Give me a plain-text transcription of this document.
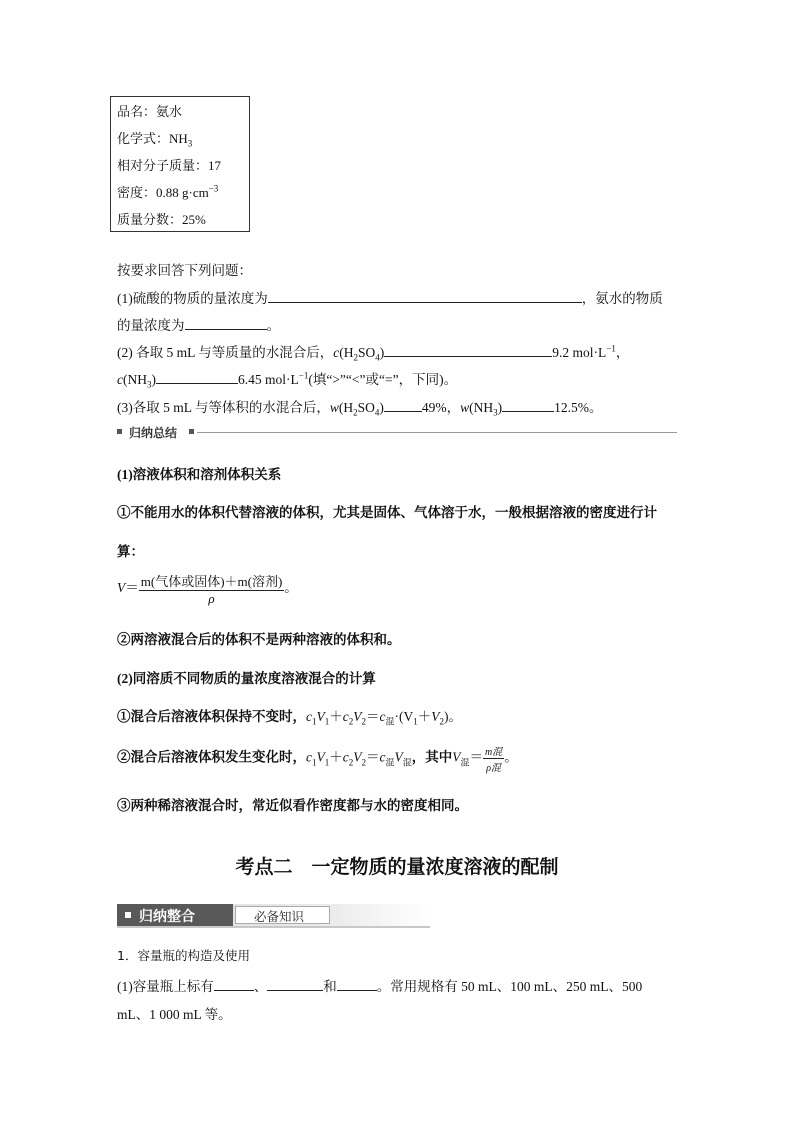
品名：氨水
化学式：$NH_3$
相对分子质量：17
密度：0.88 $g\cdot cm^{-3}$
质量分数：25%
按要求回答下列问题：
(1)硫酸的物质的量浓度为	，氨水的物质
的量浓度为	。
(2) 各取 5 mL 与等质量的水混合后，$c(H_2SO_4)$	9.2 $mol\cdot L^{-1}$，
$c(NH_3)$	6.45 $mol\cdot L^{-1}$(填“>”“<”或“=”，下同)。
(3)各取 5 mL 与等体积的水混合后，$w(H_2SO_4)$	49%，$w(NH_3)$	12.5%。
归纳总结
(1)溶液体积和溶剂体积关系
①不能用水的体积代替溶液的体积，尤其是固体、气体溶于水，一般根据溶液的密度进行计
算：
$V= \frac{\text{m(气体或固体)＋m(溶剂)}}{\rho}$ 。
②两溶液混合后的体积不是两种溶液的体积和。
(2)同溶质不同物质的量浓度溶液混合的计算
①混合后溶液体积保持不变时，$c_1V_1+c_2V_2=c_混\cdot(V_1+V_2)$。
②混合后溶液体积发生变化时，$c_1V_1+c_2V_2=c_混V_混$，其中$V_混= \frac{\text{m混}}{\text{ρ混}}$ 。
③两种稀溶液混合时，常近似看作密度都与水的密度相同。
考点二　一定物质的量浓度溶液的配制
归纳整合	必备知识
1．容量瓶的构造及使用
(1)容量瓶上标有	、	和	。常用规格有 50 mL、100 mL、250 mL、500
mL、1 000 mL 等。
